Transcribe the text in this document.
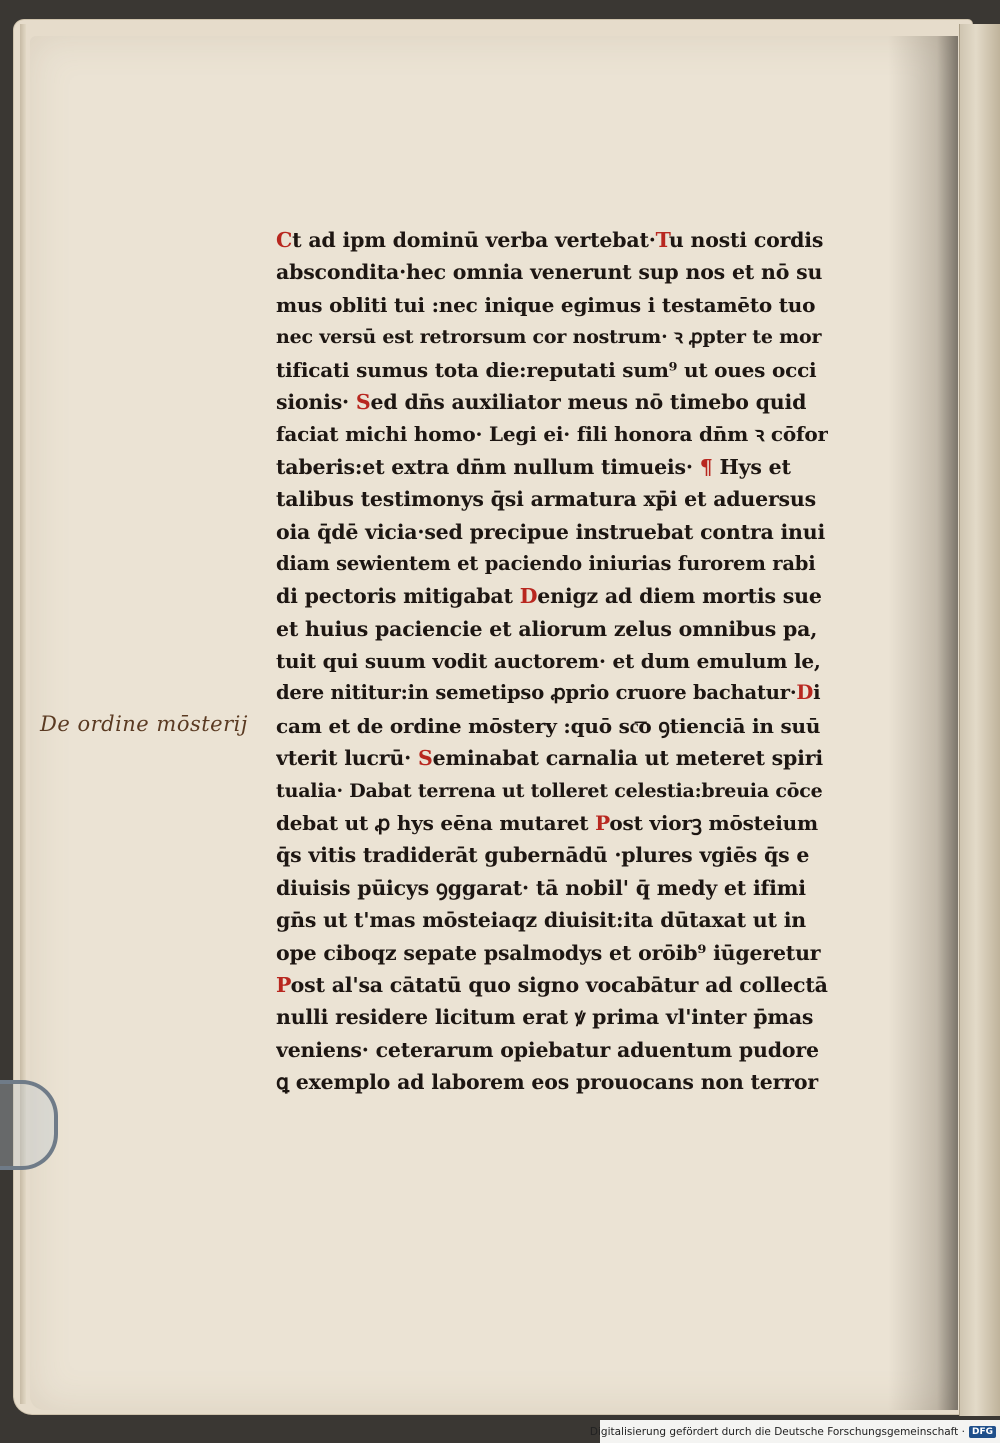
De ordine mōsterij
Ct ad ipm dominū verba vertebat·Tu nosti cordis
abscondita·hec omnia venerunt sup nos et nō su
mus obliti tui :nec inique egimus i testamēto tuo
nec versū est retrorsum cor nostrum· ꝛ ꝓpter te mor
tificati sumus tota die:reputati sum⁹ ut oues occi
sionis· Sed dn̄s auxiliator meus nō timebo quid
faciat michi homo· Legi ei· fili honora dn̄m ꝛ cōfor
taberis:et extra dn̄m nullum timueis· ¶ Hys et
talibus testimonys q̄si armatura xp̄i et aduersus
oia q̄dē vicia·sed precipue instruebat contra inui
diam sewientem et paciendo iniurias furorem rabi
di pectoris mitigabat Denigz ad diem mortis sue
et huius paciencie et aliorum zelus omnibus pa,
tuit qui suum vodit auctorem· et dum emulum le,
dere nititur:in semetipso ꝓprio cruore bachatur·Di
cam et de ordine mōstery :quō sc͞o ꝯtienciā in suū
vterit lucrū· Seminabat carnalia ut meteret spiri
tualia· Dabat terrena ut tolleret celestia:breuia cōce
debat ut ꝓ hys eēna mutaret Post viorꝫ mōsteium
q̄s vitis tradiderāt gubernādū ·plures vgiēs q̄s e
diuisis pūicys ꝯggarat· tā nobil' q̄ medy et ifimi
gn̄s ut t'mas mōsteiaqz diuisit:ita dūtaxat ut in
ope ciboqz sepate psalmodys et orōib⁹ iūgeretur
Post al'sa cātatū quo signo vocabātur ad collectā
nulli residere licitum erat ꝟ prima vl'inter p̄mas
veniens· ceterarum opiebatur aduentum pudore
ꝗ exemplo ad laborem eos prouocans non terror
Digitalisierung gefördert durch die Deutsche Forschungsgemeinschaft · DFG
